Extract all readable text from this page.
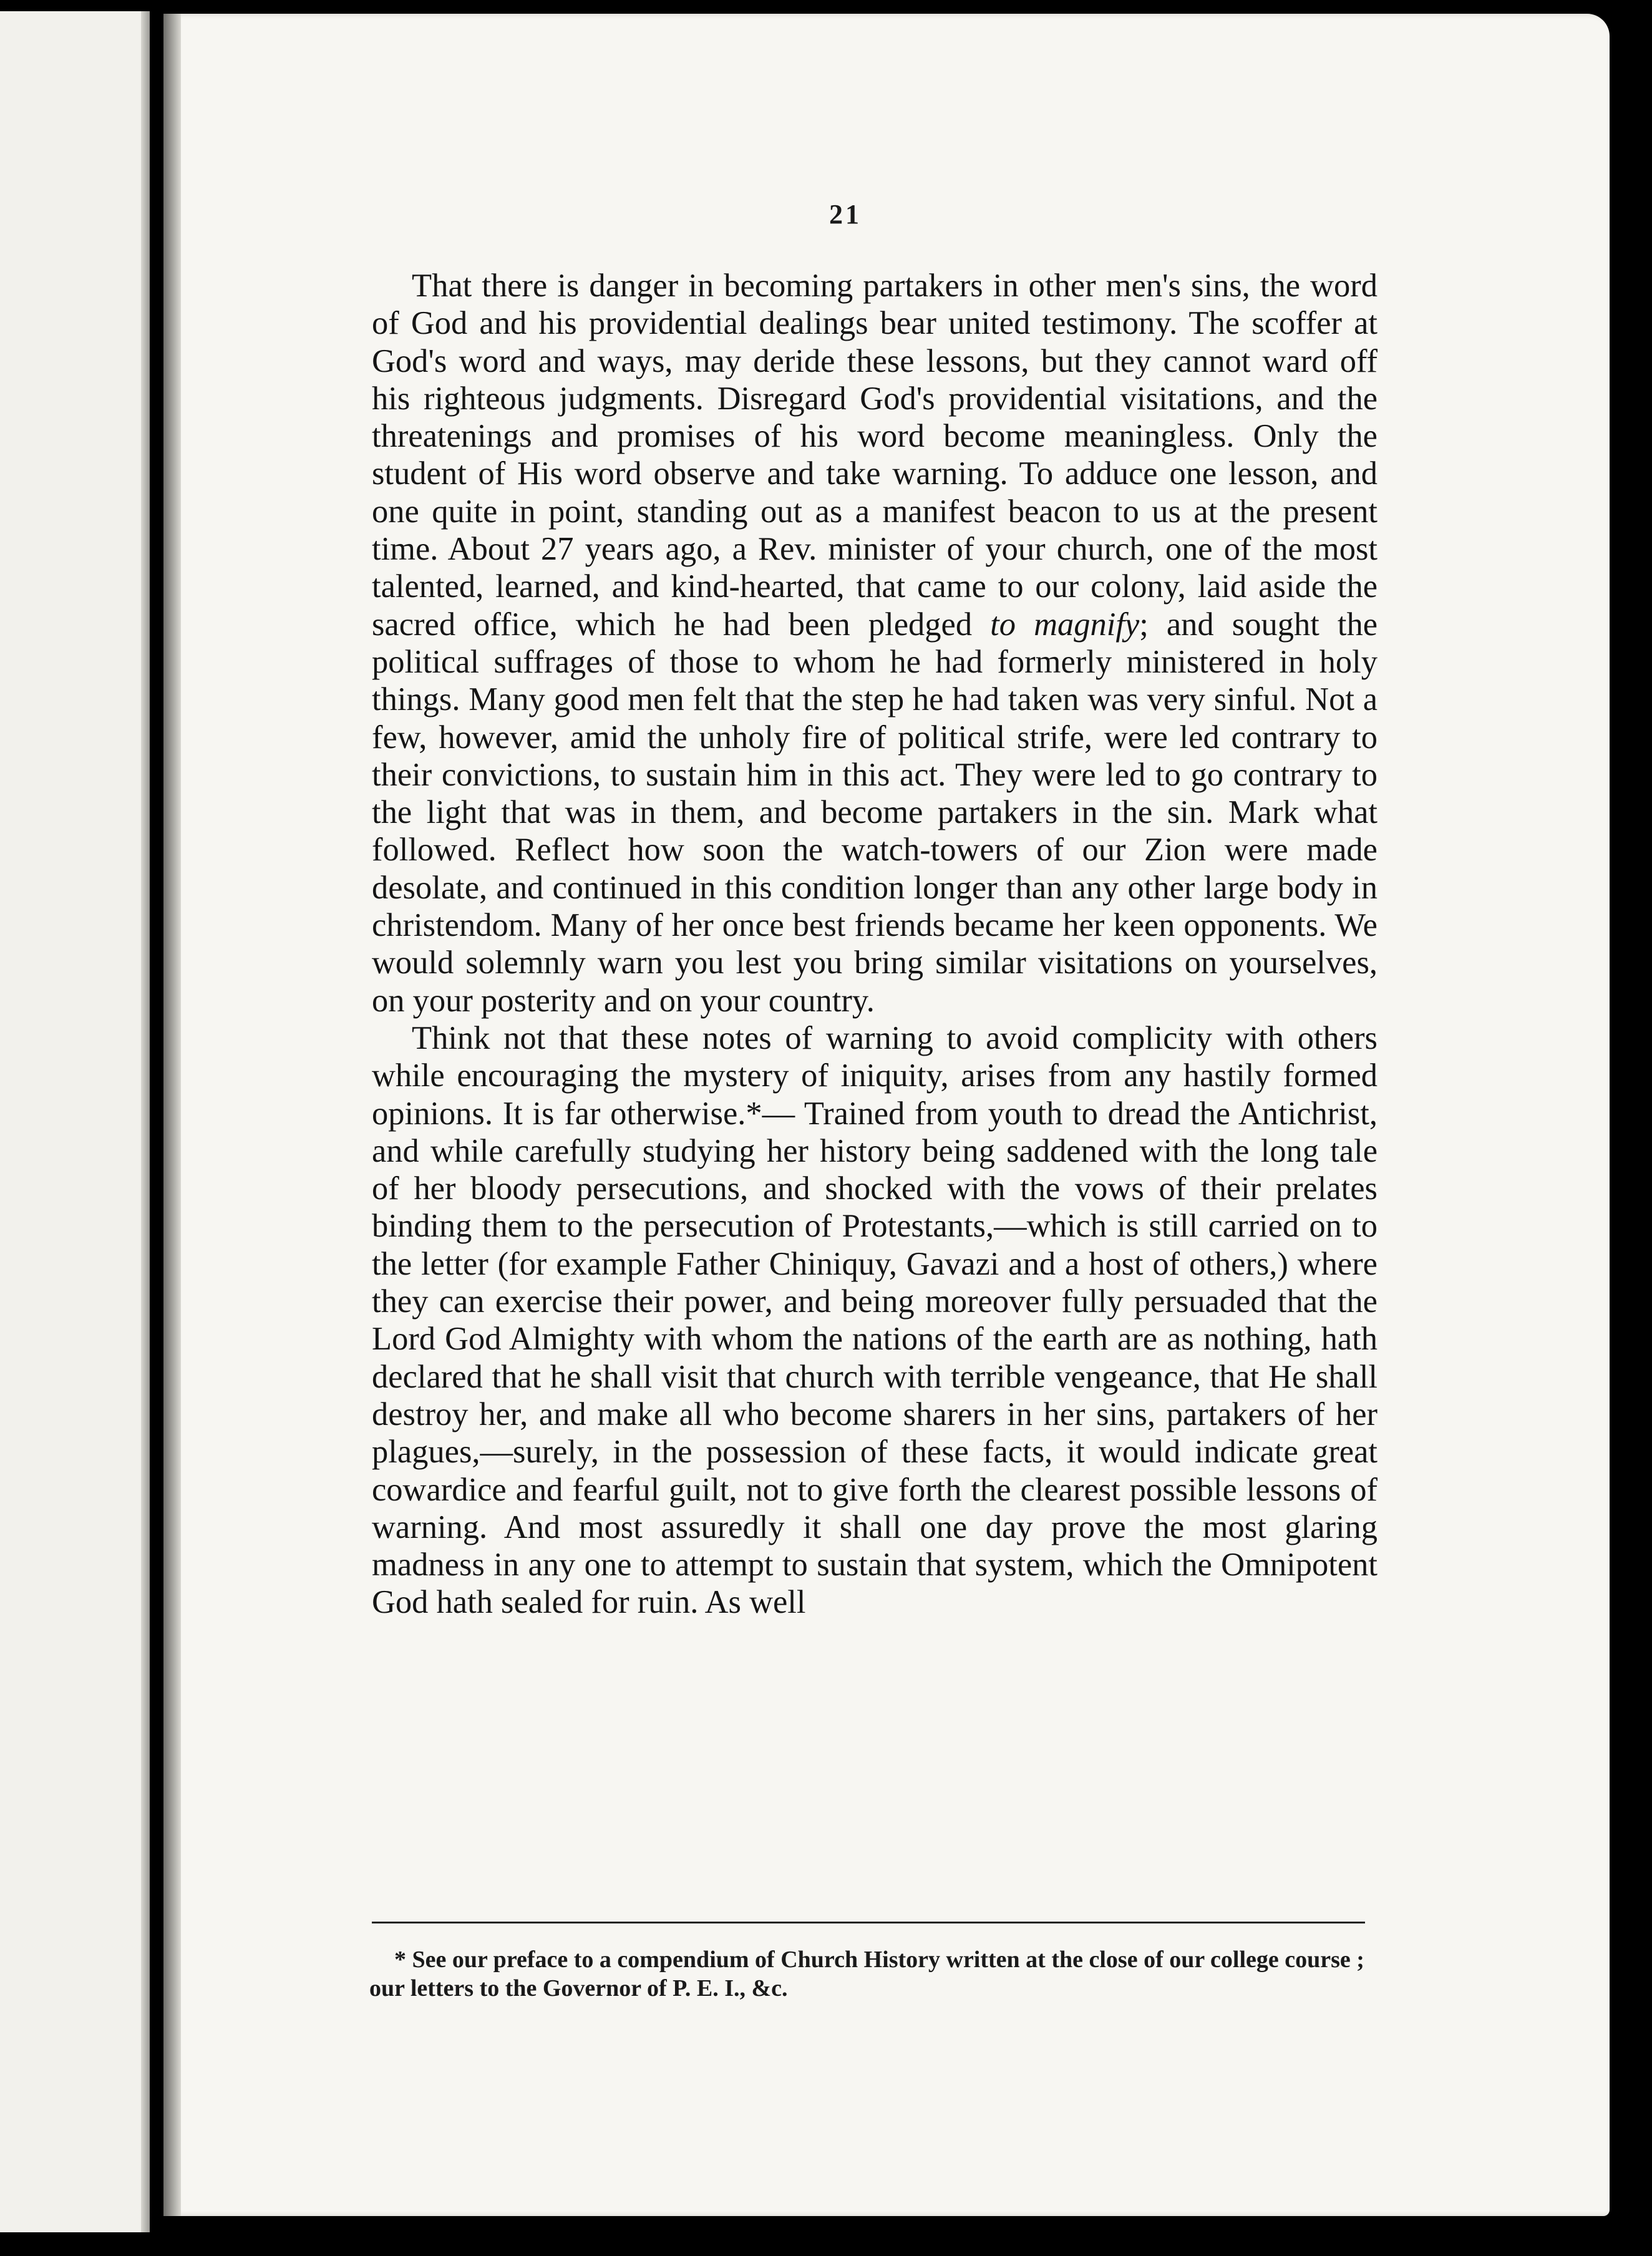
21

That there is danger in becoming partakers in other men's sins, the word of God and his providential dealings bear united testimony. The scoffer at God's word and ways, may deride these lessons, but they cannot ward off his righteous judgments. Disregard God's providential visitations, and the threatenings and promises of his word become meaningless. Only the student of His word observe and take warning. To adduce one lesson, and one quite in point, standing out as a manifest beacon to us at the present time. About 27 years ago, a Rev. minister of your church, one of the most talented, learned, and kind-hearted, that came to our colony, laid aside the sacred office, which he had been pledged to magnify; and sought the political suffrages of those to whom he had formerly ministered in holy things. Many good men felt that the step he had taken was very sinful. Not a few, however, amid the unholy fire of political strife, were led contrary to their convictions, to sustain him in this act. They were led to go contrary to the light that was in them, and become partakers in the sin. Mark what followed. Reflect how soon the watch-towers of our Zion were made desolate, and continued in this condition longer than any other large body in christendom. Many of her once best friends became her keen opponents. We would solemnly warn you lest you bring similar visitations on yourselves, on your posterity and on your country.

Think not that these notes of warning to avoid complicity with others while encouraging the mystery of iniquity, arises from any hastily formed opinions. It is far otherwise.*— Trained from youth to dread the Antichrist, and while carefully studying her history being saddened with the long tale of her bloody persecutions, and shocked with the vows of their prelates binding them to the persecution of Protestants,—which is still carried on to the letter (for example Father Chiniquy, Gavazi and a host of others,) where they can exercise their power, and being moreover fully persuaded that the Lord God Almighty with whom the nations of the earth are as nothing, hath declared that he shall visit that church with terrible vengeance, that He shall destroy her, and make all who become sharers in her sins, partakers of her plagues,—surely, in the possession of these facts, it would indicate great cowardice and fearful guilt, not to give forth the clearest possible lessons of warning. And most assuredly it shall one day prove the most glaring madness in any one to attempt to sustain that system, which the Omnipotent God hath sealed for ruin. As well

* See our preface to a compendium of Church History written at the close of our college course ; our letters to the Governor of P. E. I., &c.
